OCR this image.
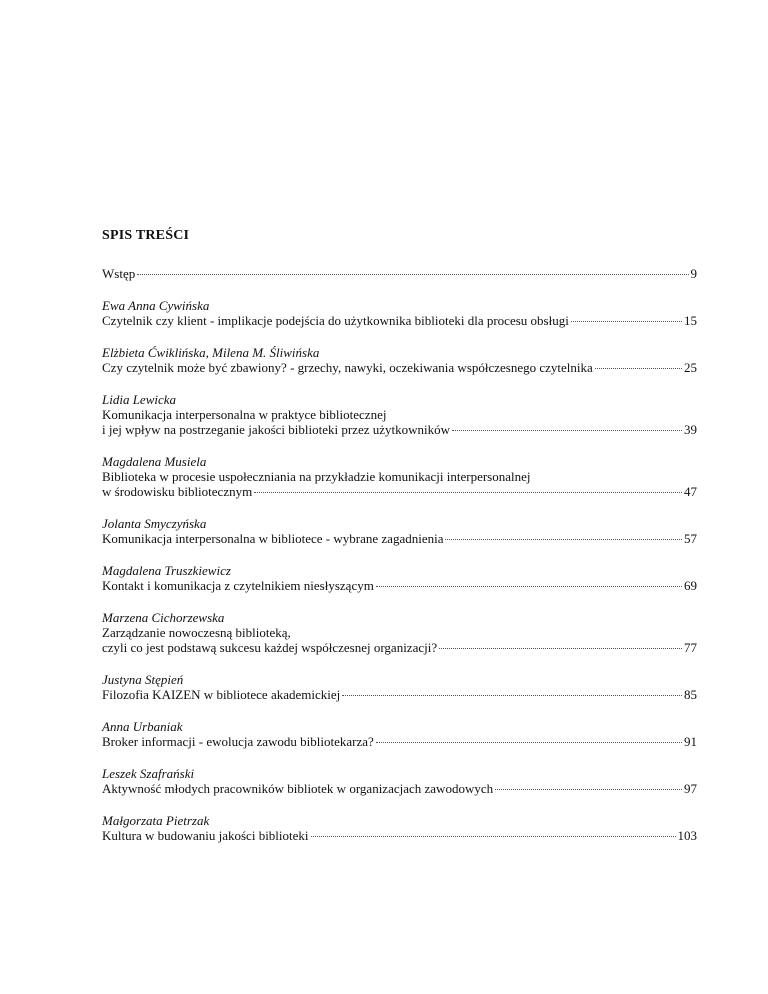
SPIS TREŚCI
Wstęp	9
Ewa Anna Cywińska
Czytelnik czy klient - implikacje podejścia do użytkownika biblioteki dla procesu obsługi	15
Elżbieta Ćwiklińska, Milena M. Śliwińska
Czy czytelnik może być zbawiony? - grzechy, nawyki, oczekiwania współczesnego czytelnika	25
Lidia Lewicka
Komunikacja interpersonalna w praktyce bibliotecznej
i jej wpływ na postrzeganie jakości biblioteki przez użytkowników	39
Magdalena Musiela
Biblioteka w procesie uspołeczniania na przykładzie komunikacji interpersonalnej
w środowisku bibliotecznym	47
Jolanta Smyczyńska
Komunikacja interpersonalna w bibliotece - wybrane zagadnienia	57
Magdalena Truszkiewicz
Kontakt i komunikacja z czytelnikiem niesłyszącym	69
Marzena Cichorzewska
Zarządzanie nowoczesną biblioteką,
czyli co jest podstawą sukcesu każdej współczesnej organizacji?	77
Justyna Stępień
Filozofia KAIZEN w bibliotece akademickiej	85
Anna Urbaniak
Broker informacji - ewolucja zawodu bibliotekarza?	91
Leszek Szafrański
Aktywność młodych pracowników bibliotek w organizacjach zawodowych	97
Małgorzata Pietrzak
Kultura w budowaniu jakości biblioteki	103
